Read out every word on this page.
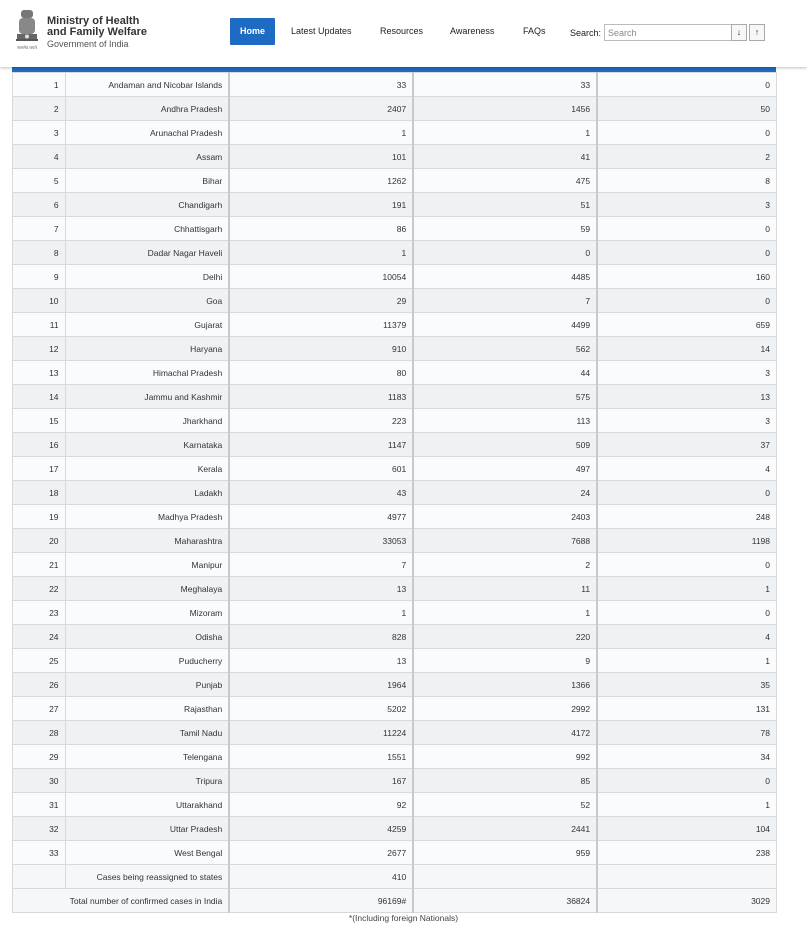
सत्यमेव जयते
Ministry of Health
and Family Welfare
Government of India
Home	Latest Updates	Resources	Awareness	FAQs	Search:
Search	↓	↑
1	Andaman and Nicobar Islands	33	33	0
2	Andhra Pradesh	2407	1456	50
3	Arunachal Pradesh	1	1	0
4	Assam	101	41	2
5	Bihar	1262	475	8
6	Chandigarh	191	51	3
7	Chhattisgarh	86	59	0
8	Dadar Nagar Haveli	1	0	0
9	Delhi	10054	4485	160
10	Goa	29	7	0
11	Gujarat	11379	4499	659
12	Haryana	910	562	14
13	Himachal Pradesh	80	44	3
14	Jammu and Kashmir	1183	575	13
15	Jharkhand	223	113	3
16	Karnataka	1147	509	37
17	Kerala	601	497	4
18	Ladakh	43	24	0
19	Madhya Pradesh	4977	2403	248
20	Maharashtra	33053	7688	1198
21	Manipur	7	2	0
22	Meghalaya	13	11	1
23	Mizoram	1	1	0
24	Odisha	828	220	4
25	Puducherry	13	9	1
26	Punjab	1964	1366	35
27	Rajasthan	5202	2992	131
28	Tamil Nadu	11224	4172	78
29	Telengana	1551	992	34
30	Tripura	167	85	0
31	Uttarakhand	92	52	1
32	Uttar Pradesh	4259	2441	104
33	West Bengal	2677	959	238
	Cases being reassigned to states	410		
Total number of confirmed cases in India		96169#	36824	3029
*(Including foreign Nationals)
